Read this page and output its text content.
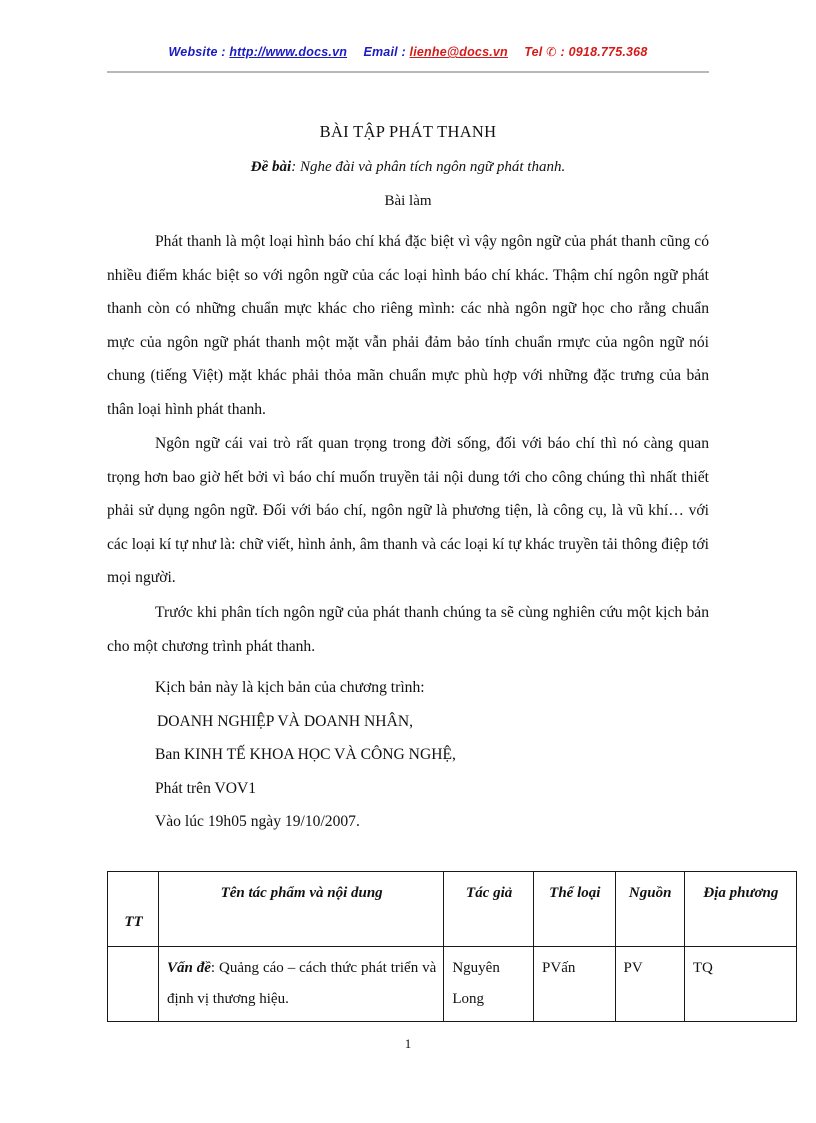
Website : http://www.docs.vn Email : lienhe@docs.vn Tel ✆ : 0918.775.368
BÀI TẬP PHÁT THANH
Đề bài: Nghe đài và phân tích ngôn ngữ phát thanh.
Bài làm

Phát thanh là một loại hình báo chí khá đặc biệt vì vậy ngôn ngữ của phát thanh cũng có nhiều điểm khác biệt so với ngôn ngữ của các loại hình báo chí khác. Thậm chí ngôn ngữ phát thanh còn có những chuẩn mực khác cho riêng mình: các nhà ngôn ngữ học cho rằng chuẩn mực của ngôn ngữ phát thanh một mặt vẫn phải đảm bảo tính chuẩn rmực của ngôn ngữ nói chung (tiếng Việt) mặt khác phải thỏa mãn chuẩn mực phù hợp với những đặc trưng của bản thân loại hình phát thanh.

Ngôn ngữ cái vai trò rất quan trọng trong đời sống, đối với báo chí thì nó càng quan trọng hơn bao giờ hết bởi vì báo chí muốn truyền tải nội dung tới cho công chúng thì nhất thiết phải sử dụng ngôn ngữ. Đối với báo chí, ngôn ngữ là phương tiện, là công cụ, là vũ khí… với các loại kí tự như là: chữ viết, hình ảnh, âm thanh và các loại kí tự khác truyền tải thông điệp tới mọi người.

Trước khi phân tích ngôn ngữ của phát thanh chúng ta sẽ cùng nghiên cứu một kịch bản cho một chương trình phát thanh.

Kịch bản này là kịch bản của chương trình:
DOANH NGHIỆP VÀ DOANH NHÂN,
Ban KINH TẾ KHOA HỌC VÀ CÔNG NGHỆ,
Phát trên VOV1
Vào lúc 19h05 ngày 19/10/2007.
TT	Tên tác phẩm và nội dung	Tác giả	Thể loại	Nguồn	Địa phương
	Vấn đề: Quảng cáo – cách thức phát triển và định vị thương hiệu.	Nguyên Long	PVấn	PV	TQ
1
